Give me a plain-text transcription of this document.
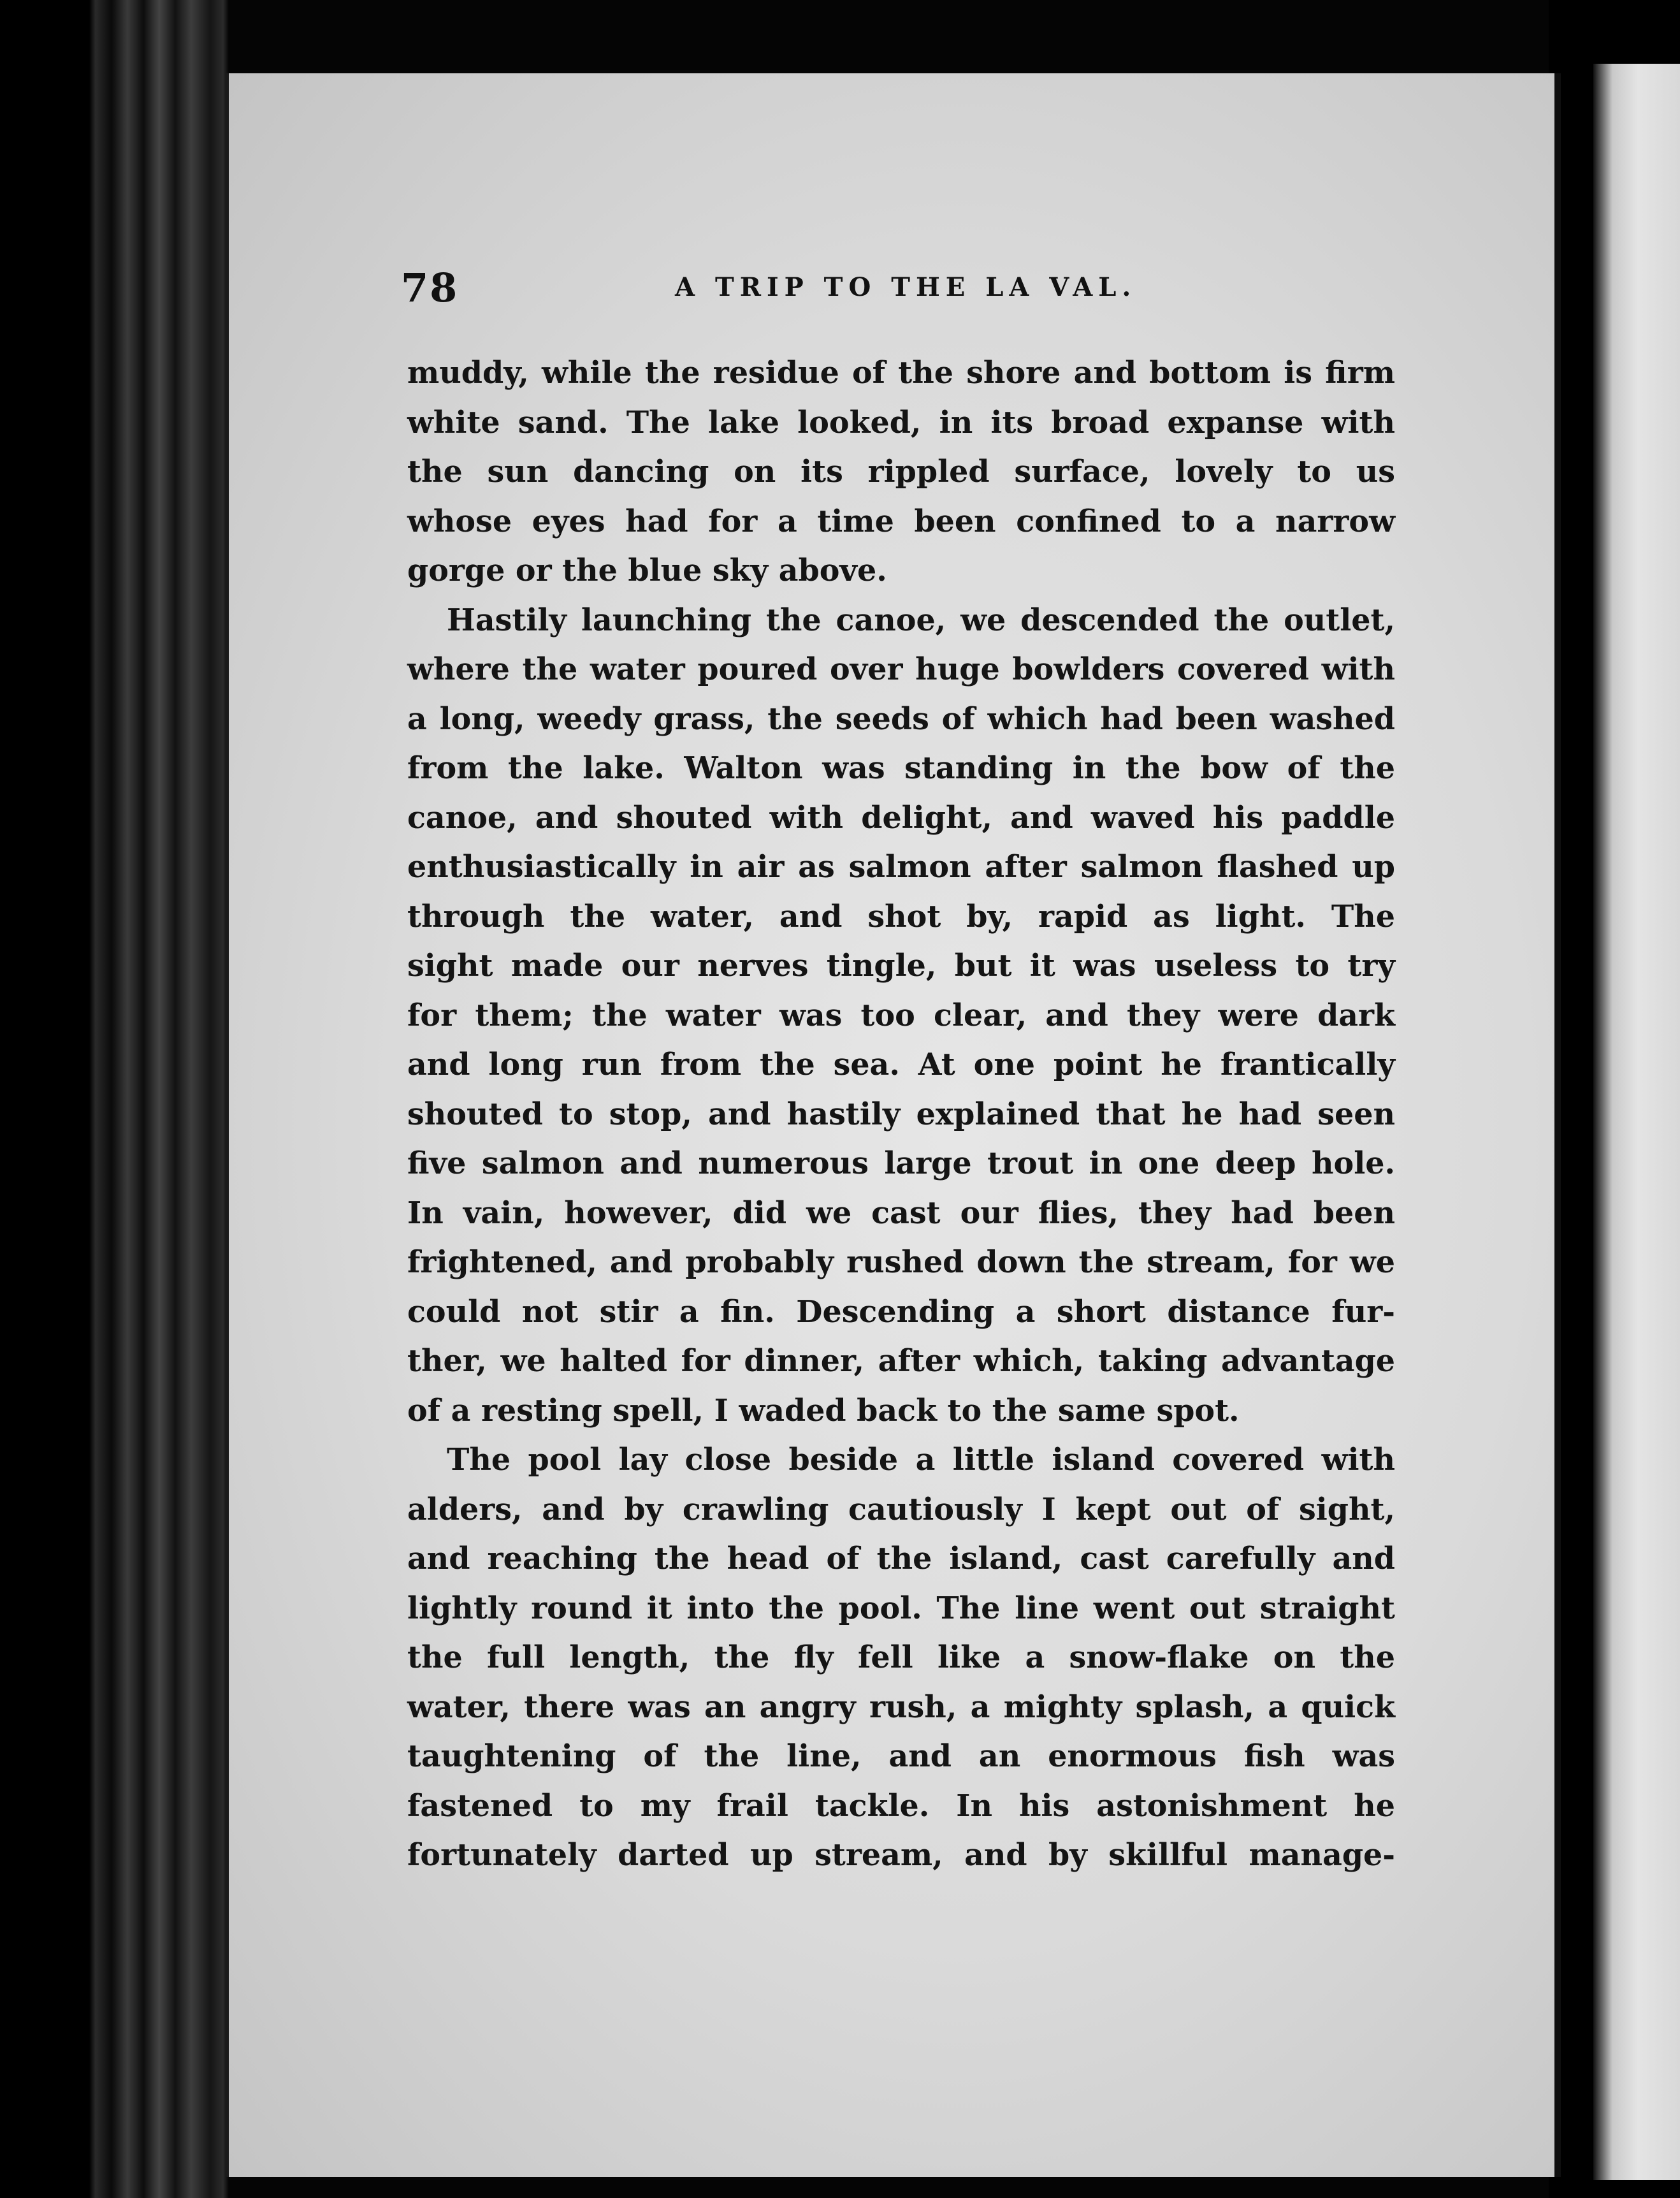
78	A TRIP TO THE LA VAL.
muddy, while the residue of the shore and bottom is firm
white sand. The lake looked, in its broad expanse with
the sun dancing on its rippled surface, lovely to us
whose eyes had for a time been confined to a narrow
gorge or the blue sky above.
Hastily launching the canoe, we descended the outlet,
where the water poured over huge bowlders covered with
a long, weedy grass, the seeds of which had been washed
from the lake. Walton was standing in the bow of the
canoe, and shouted with delight, and waved his paddle
enthusiastically in air as salmon after salmon flashed up
through the water, and shot by, rapid as light. The
sight made our nerves tingle, but it was useless to try
for them; the water was too clear, and they were dark
and long run from the sea. At one point he frantically
shouted to stop, and hastily explained that he had seen
five salmon and numerous large trout in one deep hole.
In vain, however, did we cast our flies, they had been
frightened, and probably rushed down the stream, for we
could not stir a fin. Descending a short distance fur-
ther, we halted for dinner, after which, taking advantage
of a resting spell, I waded back to the same spot.
The pool lay close beside a little island covered with
alders, and by crawling cautiously I kept out of sight,
and reaching the head of the island, cast carefully and
lightly round it into the pool. The line went out straight
the full length, the fly fell like a snow-flake on the
water, there was an angry rush, a mighty splash, a quick
taughtening of the line, and an enormous fish was
fastened to my frail tackle. In his astonishment he
fortunately darted up stream, and by skillful manage-
